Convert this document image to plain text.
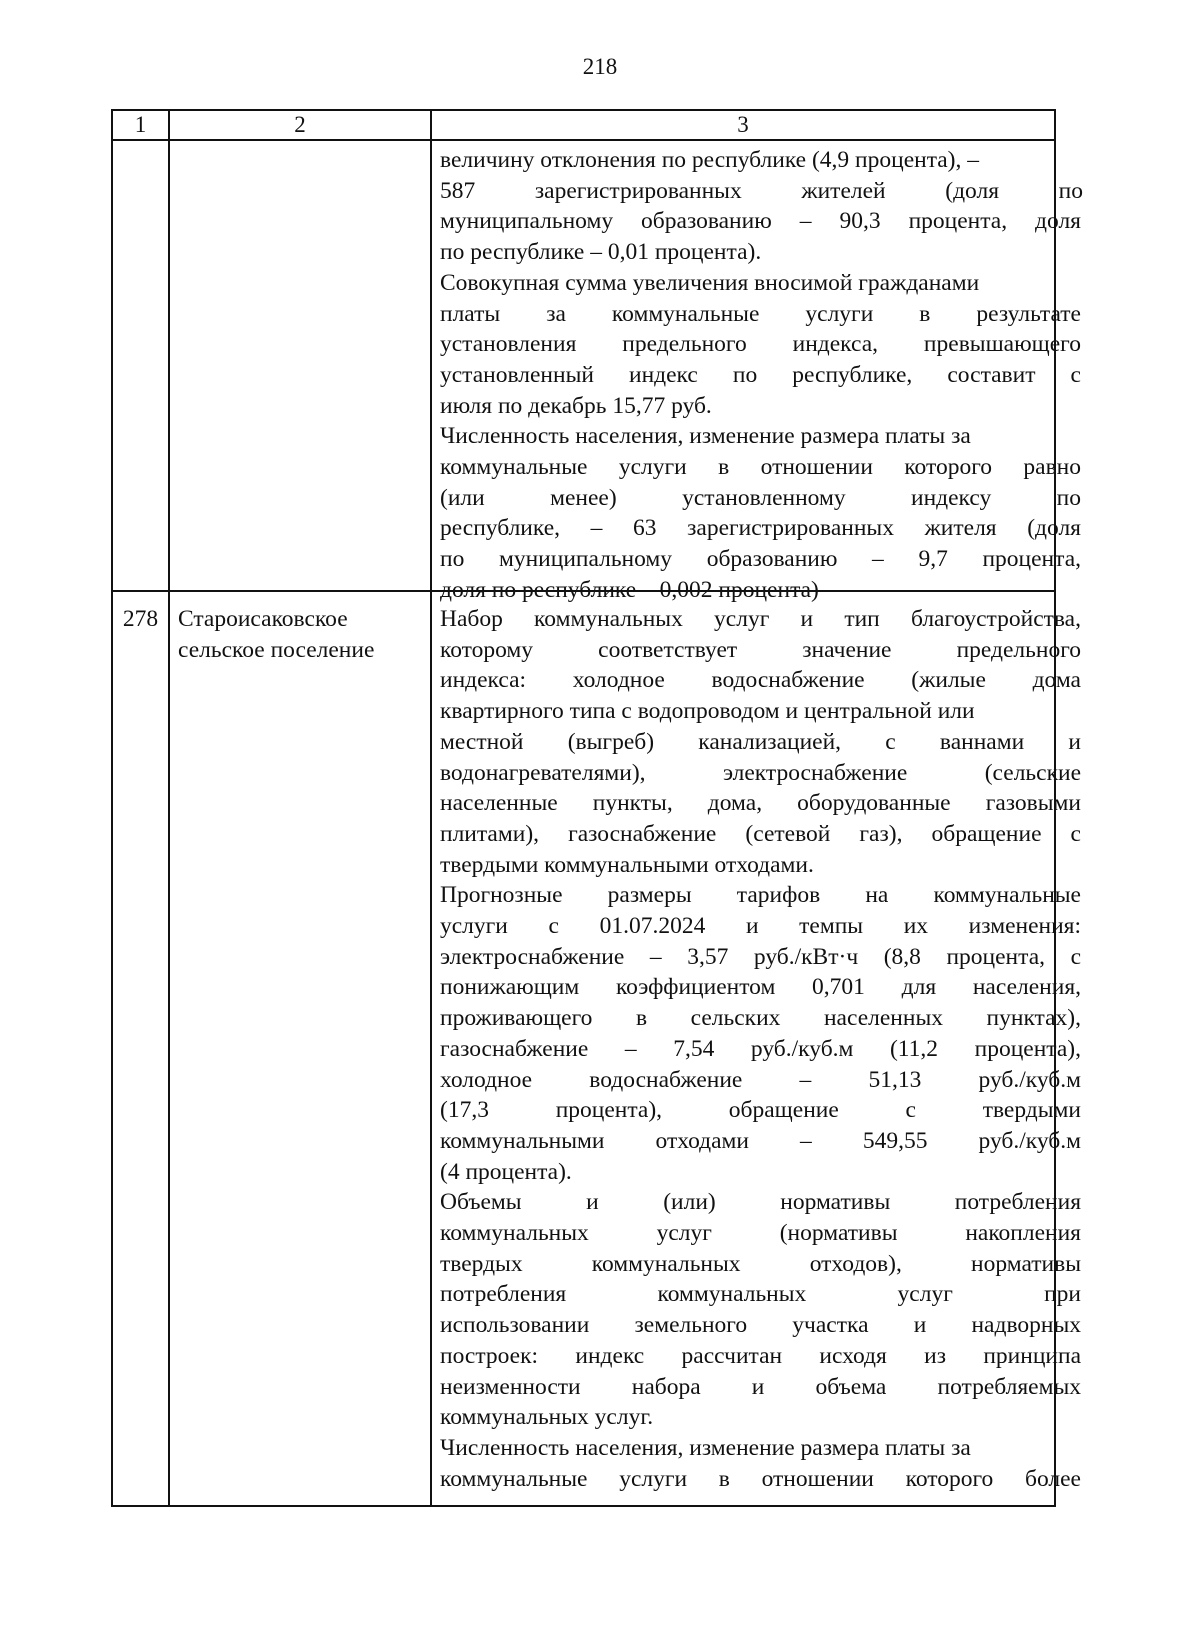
218
1	2	3
величину отклонения по республике (4,9 процента), –
587 зарегистрированных жителей (доля по
муниципальному образованию – 90,3 процента, доля
по республике – 0,01 процента).
Совокупная сумма увеличения вносимой гражданами
платы за коммунальные услуги в результате
установления предельного индекса, превышающего
установленный индекс по республике, составит с
июля по декабрь 15,77 руб.
Численность населения, изменение размера платы за
коммунальные услуги в отношении которого равно
(или менее) установленному индексу по
республике, – 63 зарегистрированных жителя (доля
по муниципальному образованию – 9,7 процента,
доля по республике – 0,002 процента)
278 Староисаковское
сельское поселение
Набор коммунальных услуг и тип благоустройства,
которому соответствует значение предельного
индекса: холодное водоснабжение (жилые дома
квартирного типа с водопроводом и центральной или
местной (выгреб) канализацией, с ваннами и
водонагревателями), электроснабжение (сельские
населенные пункты, дома, оборудованные газовыми
плитами), газоснабжение (сетевой газ), обращение с
твердыми коммунальными отходами.
Прогнозные размеры тарифов на коммунальные
услуги с 01.07.2024 и темпы их изменения:
электроснабжение – 3,57 руб./кВт·ч (8,8 процента, с
понижающим коэффициентом 0,701 для населения,
проживающего в сельских населенных пунктах),
газоснабжение – 7,54 руб./куб.м (11,2 процента),
холодное водоснабжение – 51,13 руб./куб.м
(17,3 процента), обращение с твердыми
коммунальными отходами – 549,55 руб./куб.м
(4 процента).
Объемы и (или) нормативы потребления
коммунальных услуг (нормативы накопления
твердых коммунальных отходов), нормативы
потребления коммунальных услуг при
использовании земельного участка и надворных
построек: индекс рассчитан исходя из принципа
неизменности набора и объема потребляемых
коммунальных услуг.
Численность населения, изменение размера платы за
коммунальные услуги в отношении которого более
